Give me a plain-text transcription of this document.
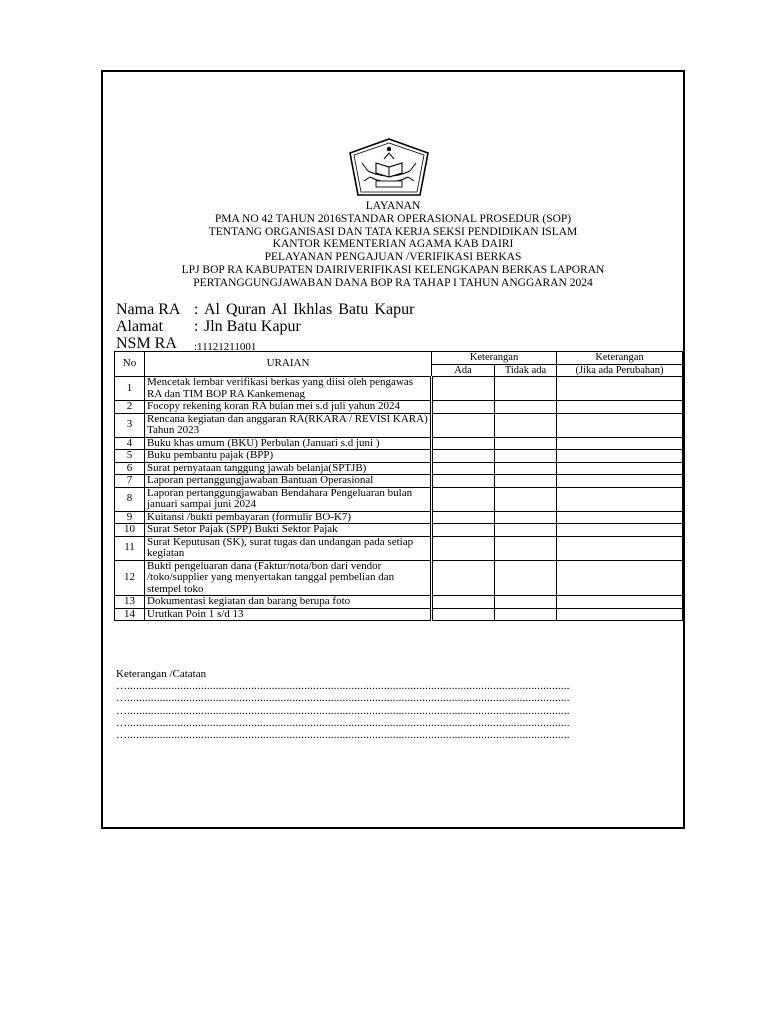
LAYANAN
PMA NO 42 TAHUN 2016STANDAR OPERASIONAL PROSEDUR (SOP)
TENTANG ORGANISASI DAN TATA KERJA SEKSI PENDIDIKAN ISLAM
KANTOR KEMENTERIAN AGAMA KAB DAIRI
PELAYANAN PENGAJUAN /VERIFIKASI BERKAS
LPJ BOP RA KABUPATEN DAIRIVERIFIKASI KELENGKAPAN BERKAS LAPORAN
PERTANGGUNGJAWABAN DANA BOP RA TAHAP I TAHUN ANGGARAN 2024
Nama RA : Al Quran Al Ikhlas Batu Kapur
Alamat : Jln Batu Kapur
NSM RA :11121211001
No	URAIAN	Keterangan		Keterangan
		Ada	Tidak ada	(Jika ada Perubahan)
1	Mencetak lembar verifikasi berkas yang diisi oleh pengawas RA dan TIM BOP RA Kankemenag			
2	Focopy rekening koran RA bulan mei s.d juli yahun 2024			
3	Rencana kegiatan dan anggaran RA(RKARA / REVISI KARA) Tahun 2023			
4	Buku khas umum (BKU) Perbulan (Januari s.d juni )			
5	Buku pembantu pajak (BPP)			
6	Surat pernyataan tanggung jawab belanja(SPTJB)			
7	Laporan pertanggungjawaban Bantuan Operasional			
8	Laporan pertanggungjawaban Bendahara Pengeluaran bulan januari sampai juni 2024			
9	Kuitansi /bukti pembayaran (formulir BO-K7)			
10	Surat Setor Pajak (SPP) Bukti Sektor Pajak			
11	Surat Keputusan (SK), surat tugas dan undangan pada setiap kegiatan			
12	Bukti pengeluaran dana (Faktur/nota/bon dari vendor /toko/supplier yang menyertakan tanggal pembelian dan stempel toko			
13	Dokumentasi kegiatan dan barang berupa foto			
14	Urutkan Poin 1 s/d 13			
Keterangan /Catatan
…......................................................................................................................................................
…......................................................................................................................................................
…......................................................................................................................................................
…......................................................................................................................................................
…......................................................................................................................................................
